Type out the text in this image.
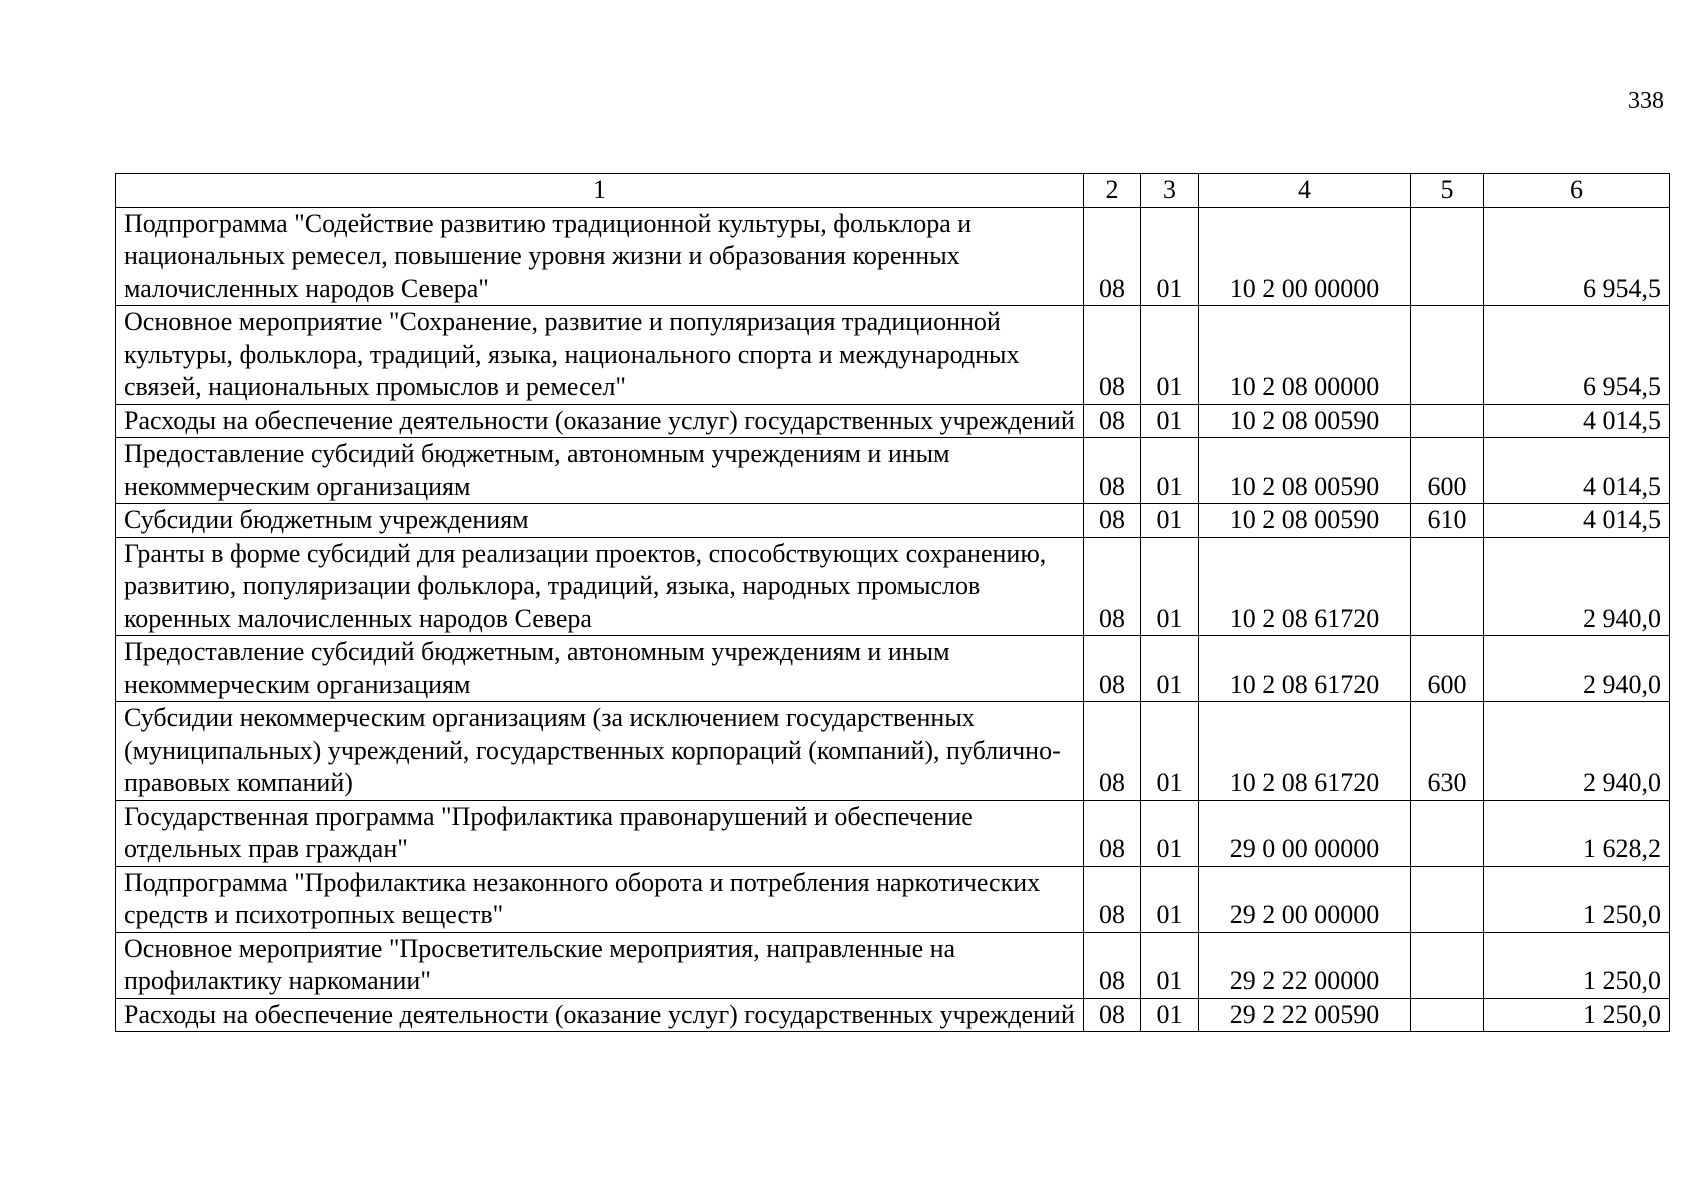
338
1	2	3	4	5	6
Подпрограмма "Содействие развитию традиционной культуры, фольклора и национальных ремесел, повышение уровня жизни и образования коренных малочисленных народов Севера"	08	01	10 2 00 00000		6 954,5
Основное мероприятие "Сохранение, развитие и популяризация традиционной культуры, фольклора, традиций, языка, национального спорта и международных связей, национальных промыслов и ремесел"	08	01	10 2 08 00000		6 954,5
Расходы на обеспечение деятельности (оказание услуг) государственных учреждений	08	01	10 2 08 00590		4 014,5
Предоставление субсидий бюджетным, автономным учреждениям и иным некоммерческим организациям	08	01	10 2 08 00590	600	4 014,5
Субсидии бюджетным учреждениям	08	01	10 2 08 00590	610	4 014,5
Гранты в форме субсидий для реализации проектов, способствующих сохранению, развитию, популяризации фольклора, традиций, языка, народных промыслов коренных малочисленных народов Севера	08	01	10 2 08 61720		2 940,0
Предоставление субсидий бюджетным, автономным учреждениям и иным некоммерческим организациям	08	01	10 2 08 61720	600	2 940,0
Субсидии некоммерческим организациям (за исключением государственных (муниципальных) учреждений, государственных корпораций (компаний), публично-правовых компаний)	08	01	10 2 08 61720	630	2 940,0
Государственная программа "Профилактика правонарушений и обеспечение отдельных прав граждан"	08	01	29 0 00 00000		1 628,2
Подпрограмма "Профилактика незаконного оборота и потребления наркотических средств и психотропных веществ"	08	01	29 2 00 00000		1 250,0
Основное мероприятие "Просветительские мероприятия, направленные на профилактику наркомании"	08	01	29 2 22 00000		1 250,0
Расходы на обеспечение деятельности (оказание услуг) государственных учреждений	08	01	29 2 22 00590		1 250,0
